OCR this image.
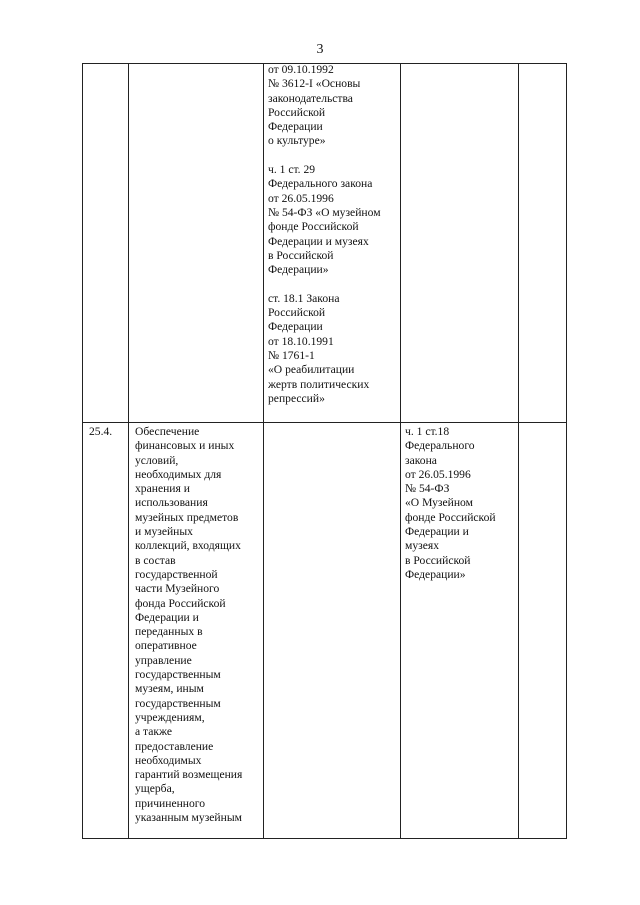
3
от 09.10.1992
№ 3612-I «Основы
законодательства
Российской
Федерации
о культуре»

ч. 1 ст. 29
Федерального закона
от 26.05.1996
№ 54-ФЗ «О музейном
фонде Российской
Федерации и музеях
в Российской
Федерации»

ст. 18.1 Закона
Российской
Федерации
от 18.10.1991
№ 1761-1
«О реабилитации
жертв политических
репрессий»
25.4.	Обеспечение
финансовых и иных
условий,
необходимых для
хранения и
использования
музейных предметов
и музейных
коллекций, входящих
в состав
государственной
части Музейного
фонда Российской
Федерации и
переданных в
оперативное
управление
государственным
музеям, иным
государственным
учреждениям,
а также
предоставление
необходимых
гарантий возмещения
ущерба,
причиненного
указанным музейным
ч. 1 ст.18
Федерального
закона
от 26.05.1996
№ 54-ФЗ
«О Музейном
фонде Российской
Федерации и
музеях
в Российской
Федерации»
